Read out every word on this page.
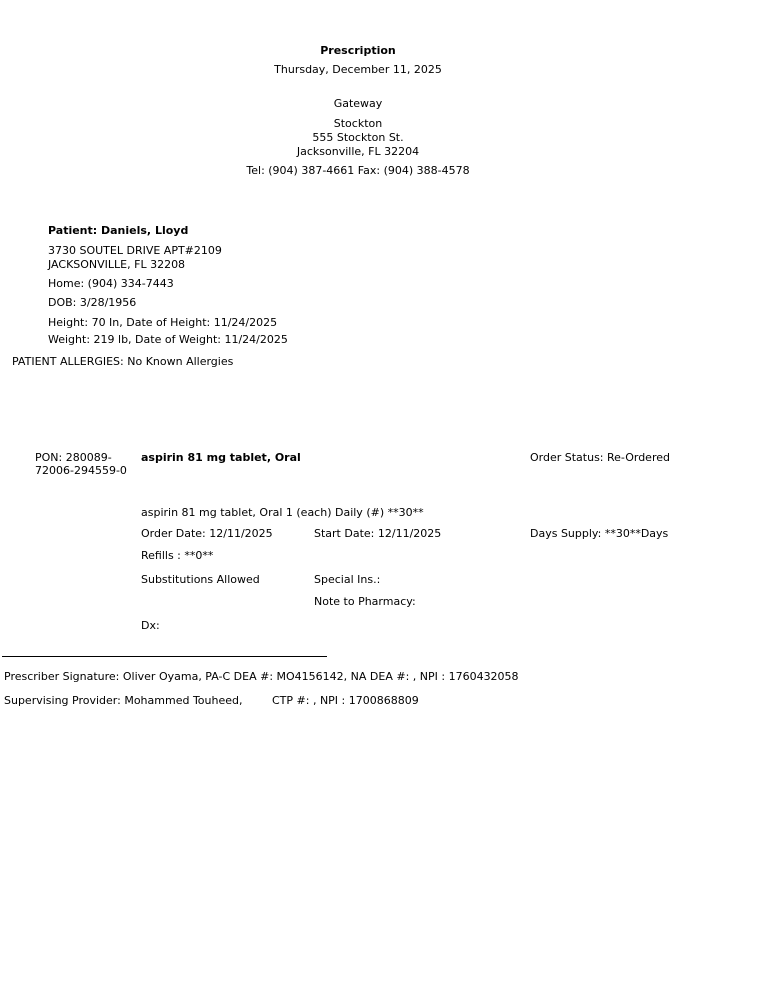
Prescription
Thursday, December 11, 2025
Gateway
Stockton
555 Stockton St.
Jacksonville, FL 32204
Tel: (904) 387-4661 Fax: (904) 388-4578
Patient: Daniels, Lloyd
3730 SOUTEL DRIVE APT#2109
JACKSONVILLE, FL 32208
Home: (904) 334-7443
DOB: 3/28/1956
Height: 70 In, Date of Height: 11/24/2025
Weight: 219 lb, Date of Weight: 11/24/2025
PATIENT ALLERGIES: No Known Allergies
PON: 280089-
72006-294559-0
aspirin 81 mg tablet, Oral	Order Status: Re-Ordered
aspirin 81 mg tablet, Oral 1 (each) Daily (#) **30**
Order Date: 12/11/2025	Start Date: 12/11/2025	Days Supply: **30**Days
Refills : **0**
Substitutions Allowed	Special Ins.:
Note to Pharmacy:
Dx:
Prescriber Signature: Oliver Oyama, PA-C DEA #: MO4156142, NA DEA #: , NPI : 1760432058
Supervising Provider: Mohammed Touheed,	CTP #: , NPI : 1700868809
